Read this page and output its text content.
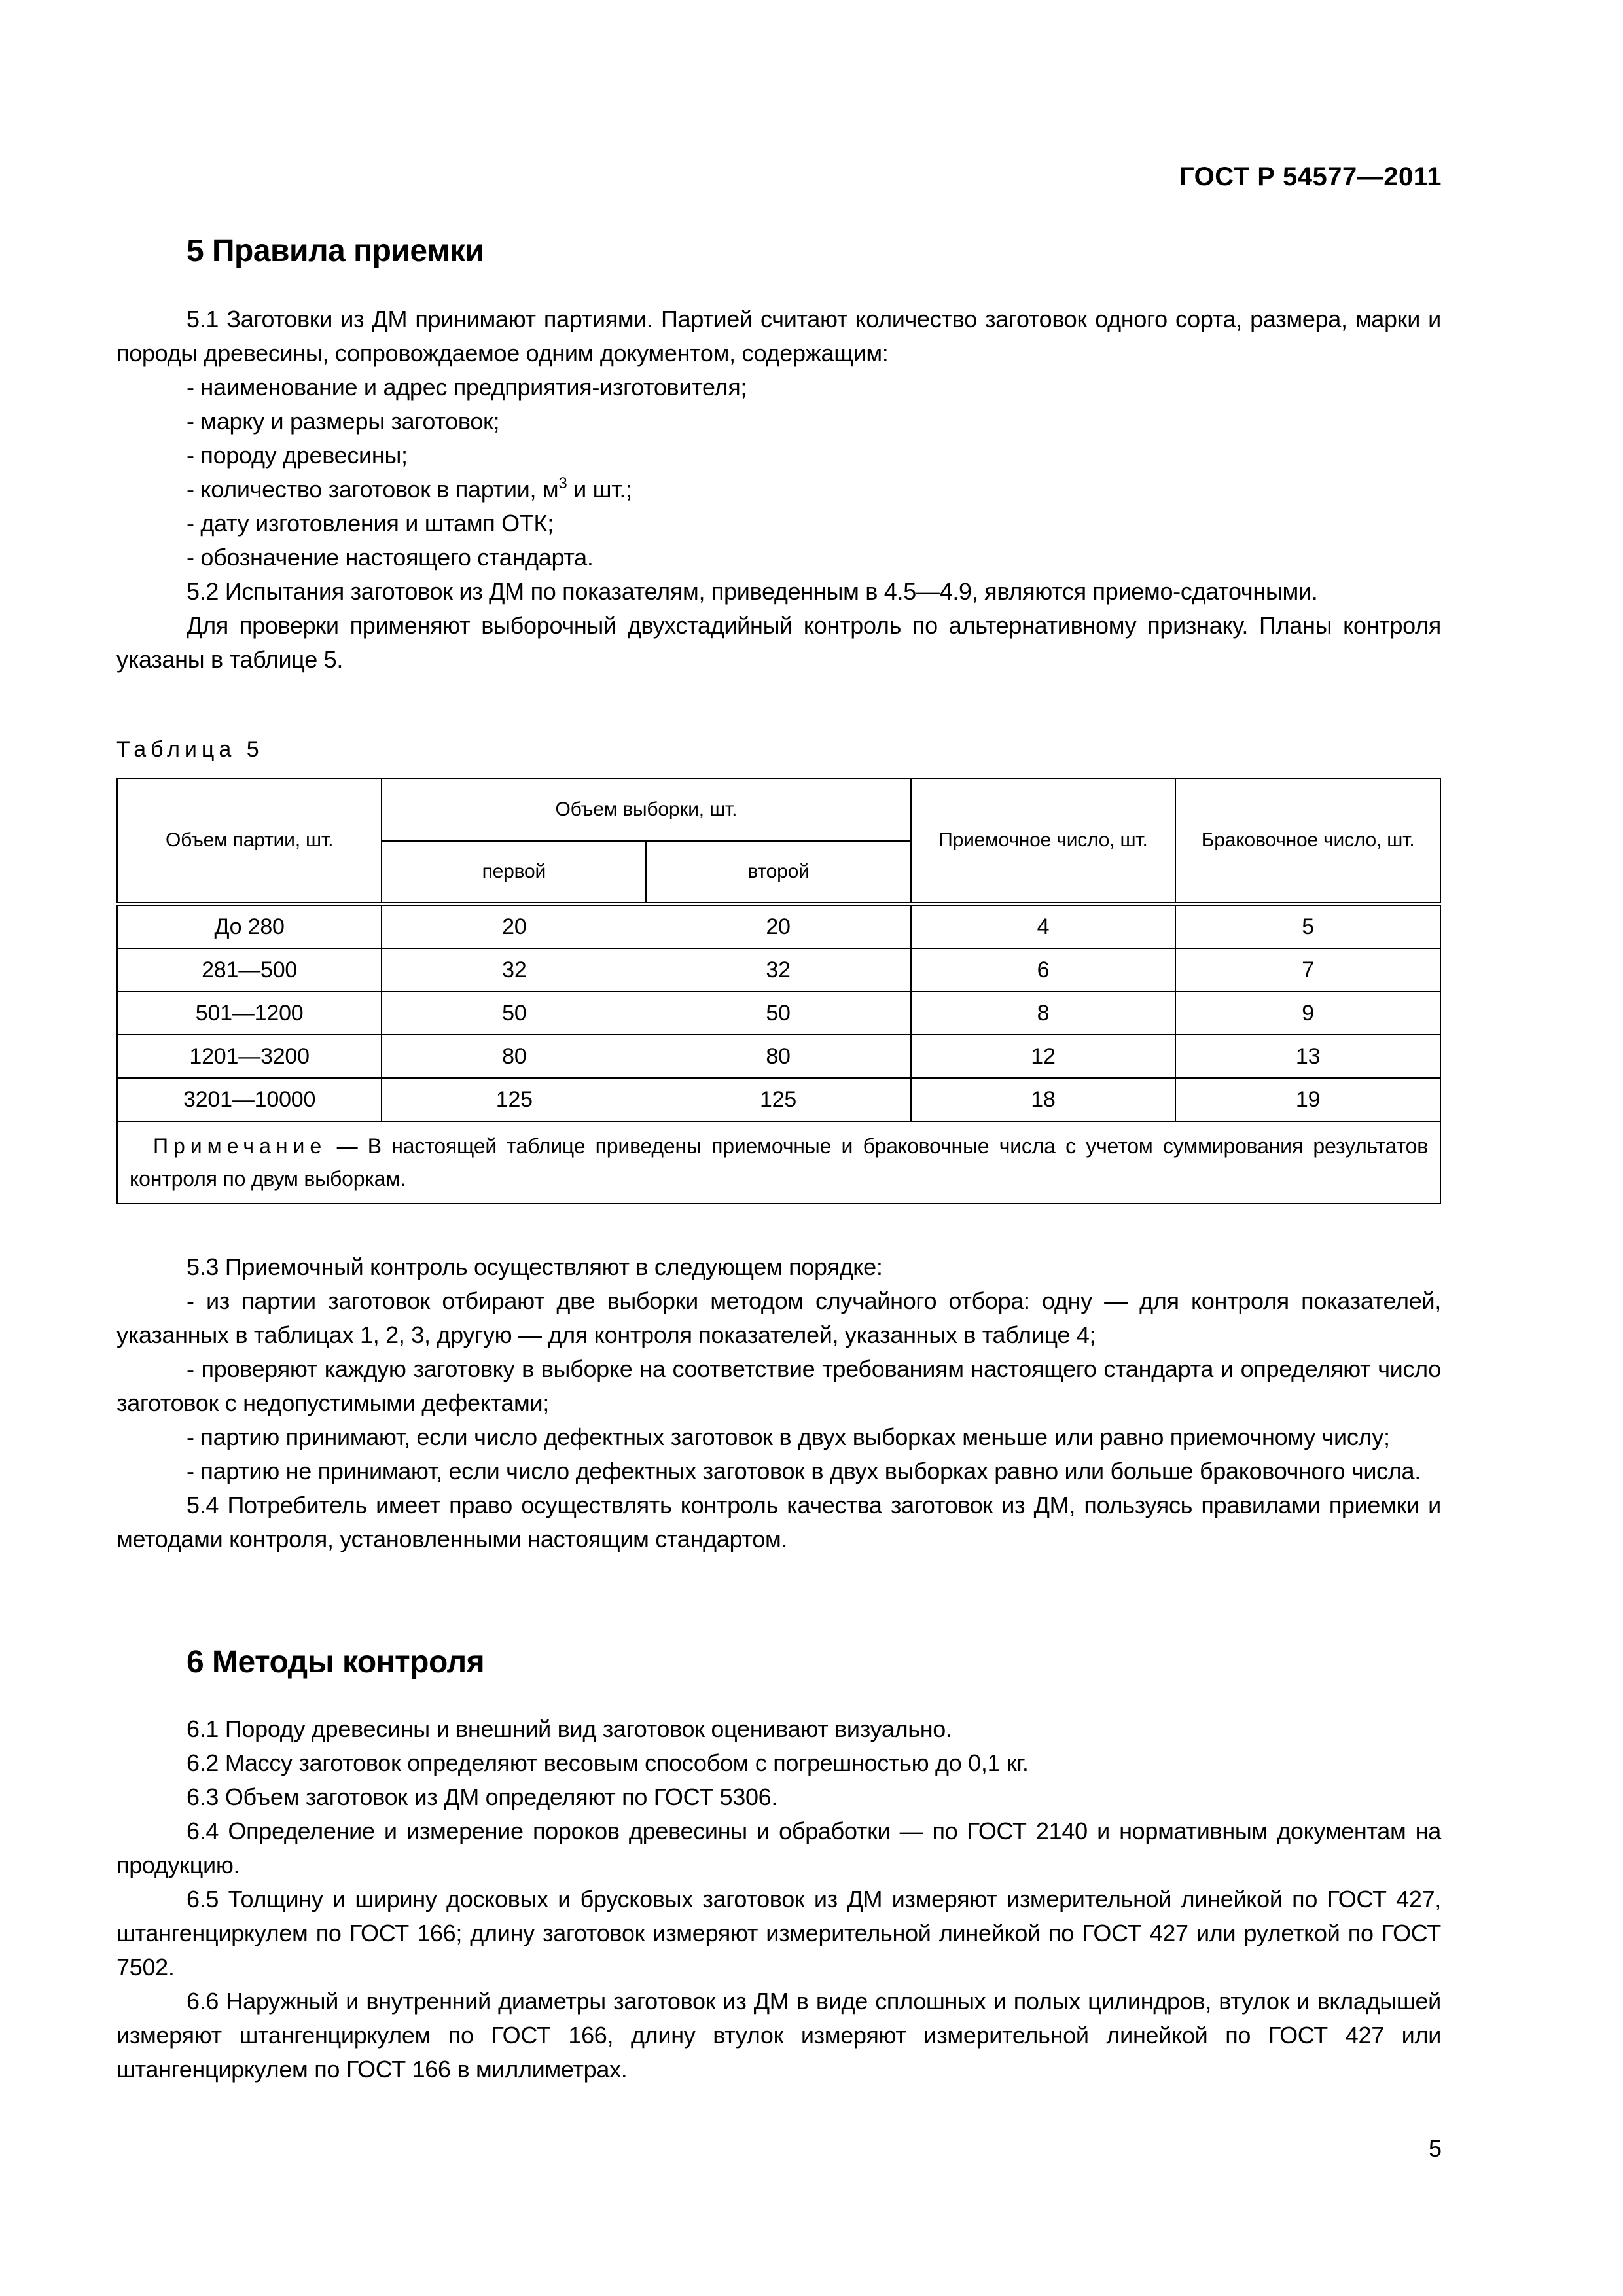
ГОСТ Р 54577—2011
5 Правила приемки

5.1 Заготовки из ДМ принимают партиями. Партией считают количество заготовок одного сорта, размера, марки и породы древесины, сопровождаемое одним документом, содержащим:

- наименование и адрес предприятия-изготовителя;

- марку и размеры заготовок;

- породу древесины;

- количество заготовок в партии, $м^3$ и шт.;

- дату изготовления и штамп ОТК;

- обозначение настоящего стандарта.

5.2 Испытания заготовок из ДМ по показателям, приведенным в 4.5—4.9, являются приемо-сдаточными.

Для проверки применяют выборочный двухстадийный контроль по альтернативному признаку. Планы контроля указаны в таблице 5.

Таблица 5
Объем партии, шт.	Объем выборки, шт.		Приемочное число, шт.	Браковочное число, шт.
	первой	второй		
До 280	20	20	4	5
281—500	32	32	6	7
501—1200	50	50	8	9
1201—3200	80	80	12	13
3201—10000	125	125	18	19
Примечание — В настоящей таблице приведены приемочные и браковочные числа с учетом суммирования результатов контроля по двум выборкам.				

5.3 Приемочный контроль осуществляют в следующем порядке:

- из партии заготовок отбирают две выборки методом случайного отбора: одну — для контроля показателей, указанных в таблицах 1, 2, 3, другую — для контроля показателей, указанных в таблице 4;

- проверяют каждую заготовку в выборке на соответствие требованиям настоящего стандарта и определяют число заготовок с недопустимыми дефектами;

- партию принимают, если число дефектных заготовок в двух выборках меньше или равно приемочному числу;

- партию не принимают, если число дефектных заготовок в двух выборках равно или больше браковочного числа.

5.4 Потребитель имеет право осуществлять контроль качества заготовок из ДМ, пользуясь правилами приемки и методами контроля, установленными настоящим стандартом.

6 Методы контроля

6.1 Породу древесины и внешний вид заготовок оценивают визуально.

6.2 Массу заготовок определяют весовым способом с погрешностью до 0,1 кг.

6.3 Объем заготовок из ДМ определяют по ГОСТ 5306.

6.4 Определение и измерение пороков древесины и обработки — по ГОСТ 2140 и нормативным документам на продукцию.

6.5 Толщину и ширину досковых и брусковых заготовок из ДМ измеряют измерительной линейкой по ГОСТ 427, штангенциркулем по ГОСТ 166; длину заготовок измеряют измерительной линейкой по ГОСТ 427 или рулеткой по ГОСТ 7502.

6.6 Наружный и внутренний диаметры заготовок из ДМ в виде сплошных и полых цилиндров, втулок и вкладышей измеряют штангенциркулем по ГОСТ 166, длину втулок измеряют измерительной линейкой по ГОСТ 427 или штангенциркулем по ГОСТ 166 в миллиметрах.

5
